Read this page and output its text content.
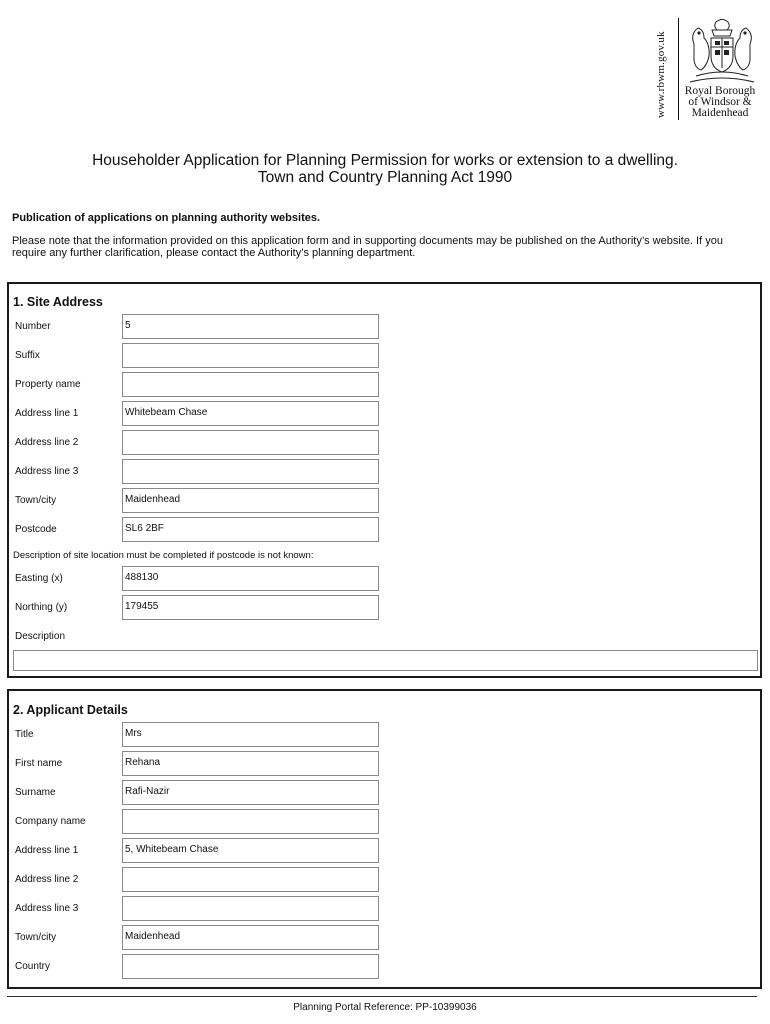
www.rbwm.gov.uk	Royal Borough
of Windsor &
Maidenhead
Householder Application for Planning Permission for works or extension to a dwelling.
Town and Country Planning Act 1990
Publication of applications on planning authority websites.
Please note that the information provided on this application form and in supporting documents may be published on the Authority’s website. If you require any further clarification, please contact the Authority’s planning department.
1. Site Address
Number	5
Suffix
Property name
Address line 1	Whitebeam Chase
Address line 2
Address line 3
Town/city	Maidenhead
Postcode	SL6 2BF
Description of site location must be completed if postcode is not known:
Easting (x)	488130
Northing (y)	179455
Description
2. Applicant Details
Title	Mrs
First name	Rehana
Surname	Rafi-Nazir
Company name
Address line 1	5, Whitebeam Chase
Address line 2
Address line 3
Town/city	Maidenhead
Country
Planning Portal Reference: PP-10399036
